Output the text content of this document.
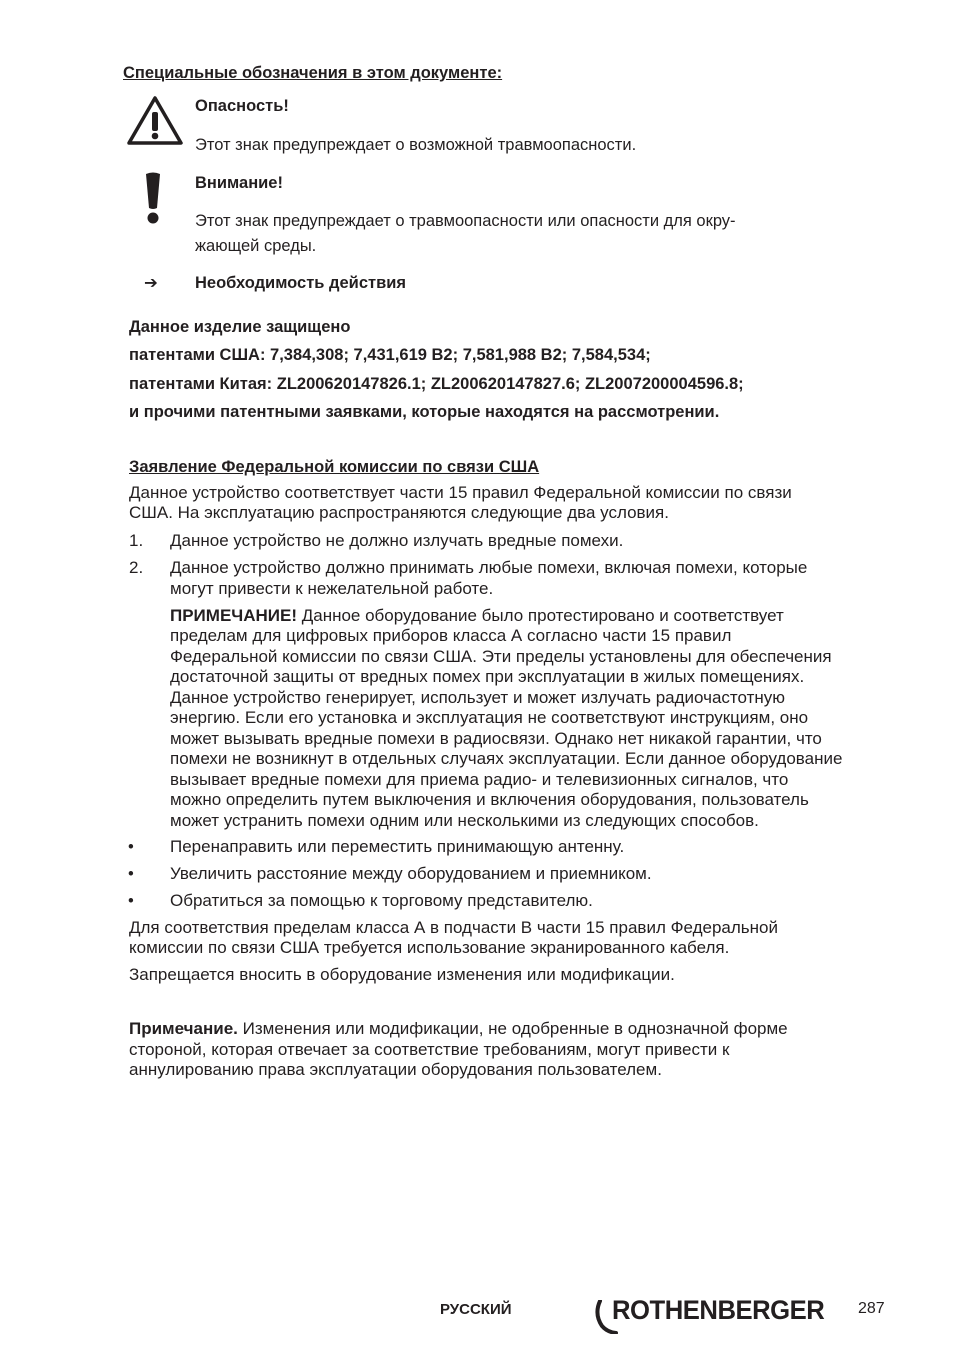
Специальные обозначения в этом документе:
Опасность!
Этот знак предупреждает о возможной травмоопасности.
Внимание!
Этот знак предупреждает о травмоопасности или опасности для окру-
жающей среды.
➔ Необходимость действия
Данное изделие защищено
патентами США: 7,384,308; 7,431,619 B2; 7,581,988 B2; 7,584,534;
патентами Китая: ZL200620147826.1; ZL200620147827.6; ZL2007200004596.8;
и прочими патентными заявками, которые находятся на рассмотрении.
Заявление Федеральной комиссии по связи США
Данное устройство соответствует части 15 правил Федеральной комиссии по связи
США. На эксплуатацию распространяются следующие два условия.
1. Данное устройство не должно излучать вредные помехи.
2. Данное устройство должно принимать любые помехи, включая помехи, которые
могут привести к нежелательной работе.
ПРИМЕЧАНИЕ! Данное оборудование было протестировано и соответствует
пределам для цифровых приборов класса А согласно части 15 правил
Федеральной комиссии по связи США. Эти пределы установлены для обеспечения
достаточной защиты от вредных помех при эксплуатации в жилых помещениях.
Данное устройство генерирует, использует и может излучать радиочастотную
энергию. Если его установка и эксплуатация не соответствуют инструкциям, оно
может вызывать вредные помехи в радиосвязи. Однако нет никакой гарантии, что
помехи не возникнут в отдельных случаях эксплуатации. Если данное оборудование
вызывает вредные помехи для приема радио- и телевизионных сигналов, что
можно определить путем выключения и включения оборудования, пользователь
может устранить помехи одним или несколькими из следующих способов.
• Перенаправить или переместить принимающую антенну.
• Увеличить расстояние между оборудованием и приемником.
• Обратиться за помощью к торговому представителю.
Для соответствия пределам класса А в подчасти В части 15 правил Федеральной
комиссии по связи США требуется использование экранированного кабеля.
Запрещается вносить в оборудование изменения или модификации.
Примечание. Изменения или модификации, не одобренные в однозначной форме
стороной, которая отвечает за соответствие требованиям, могут привести к
аннулированию права эксплуатации оборудования пользователем.
РУССКИЙ	ROTHENBERGER 287
